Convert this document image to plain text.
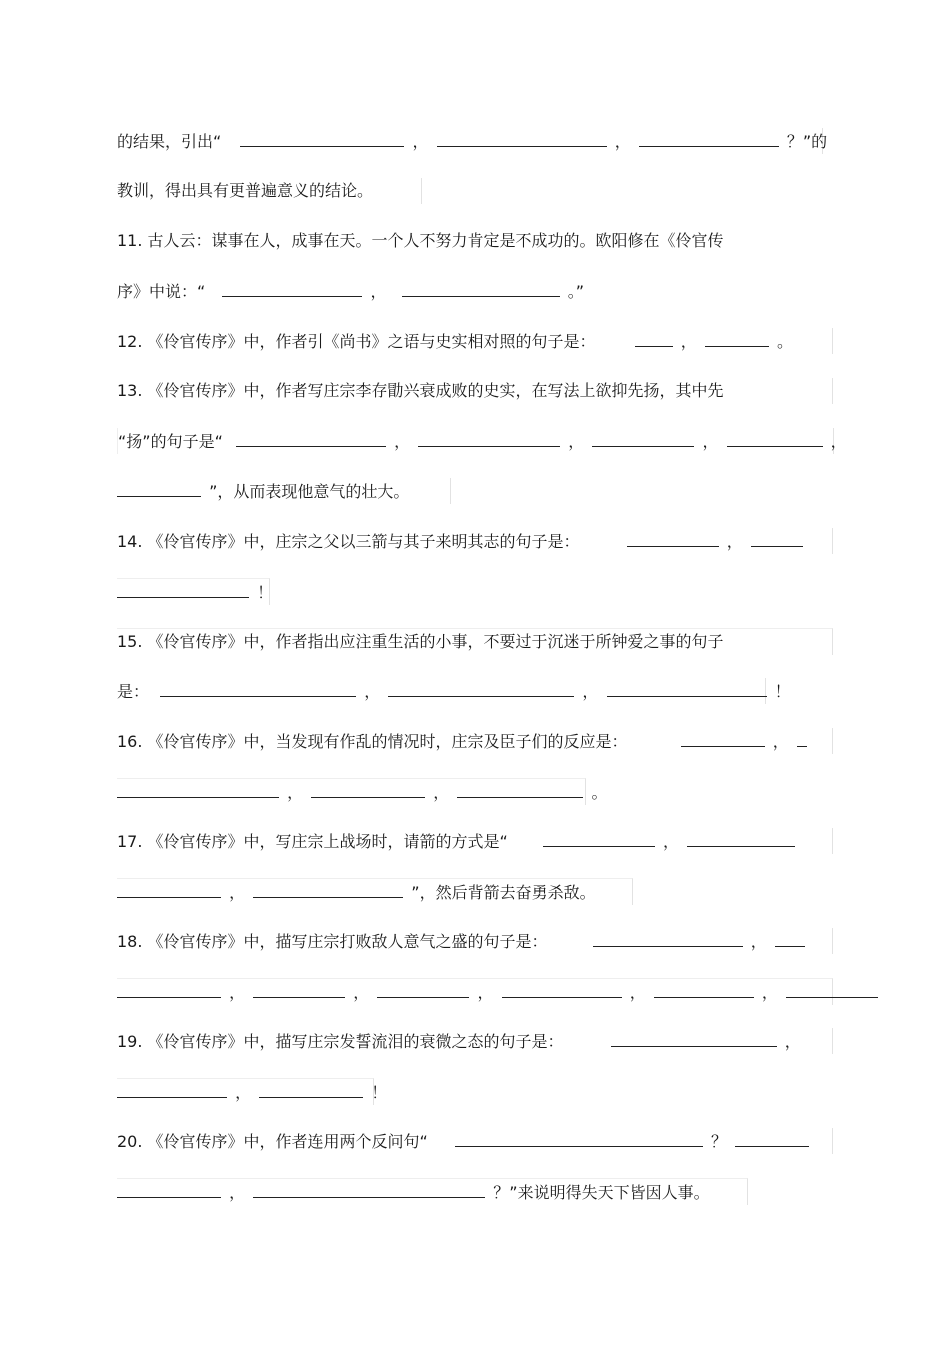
的结果，引出“	，	，	？”的
教训，得出具有更普遍意义的结论。
11. 古人云：谋事在人，成事在天。一个人不努力肯定是不成功的。欧阳修在《伶官传
序》中说：“	，	。”
12. 《伶官传序》中，作者引《尚书》之语与史实相对照的句子是：	，	。
13. 《伶官传序》中，作者写庄宗李存勖兴衰成败的史实，在写法上欲抑先扬，其中先
“扬”的句子是“	，	，	，	，
”，从而表现他意气的壮大。
14. 《伶官传序》中，庄宗之父以三箭与其子来明其志的句子是：	，
！
15. 《伶官传序》中，作者指出应注重生活的小事，不要过于沉迷于所钟爱之事的句子
是：	，	，	！
16. 《伶官传序》中，当发现有作乱的情况时，庄宗及臣子们的反应是：	，
，	，	。
17. 《伶官传序》中，写庄宗上战场时，请箭的方式是“	，
，	”，然后背箭去奋勇杀敌。
18. 《伶官传序》中，描写庄宗打败敌人意气之盛的句子是：	，
，	，	，	，	，
19. 《伶官传序》中，描写庄宗发誓流泪的衰微之态的句子是：	，
，	！
20. 《伶官传序》中，作者连用两个反问句“	？
，	？”来说明得失天下皆因人事。
